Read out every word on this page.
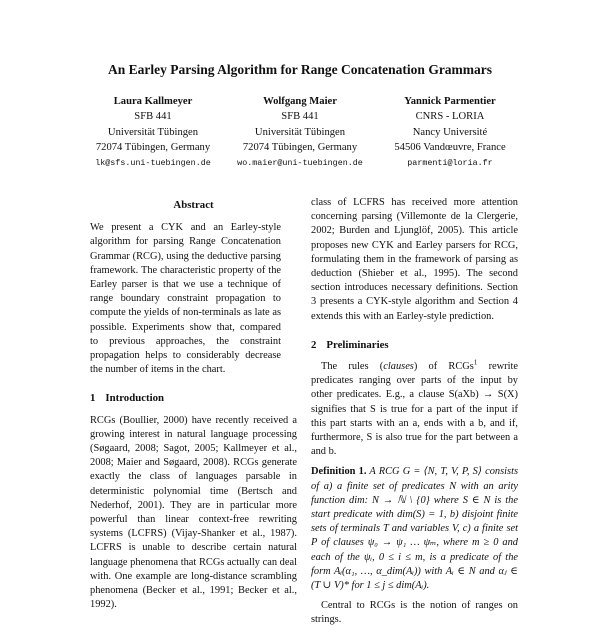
An Earley Parsing Algorithm for Range Concatenation Grammars
Laura Kallmeyer
SFB 441
Universität Tübingen
72074 Tübingen, Germany
lk@sfs.uni-tuebingen.de
Wolfgang Maier
SFB 441
Universität Tübingen
72074 Tübingen, Germany
wo.maier@uni-tuebingen.de
Yannick Parmentier
CNRS - LORIA
Nancy Université
54506 Vandœuvre, France
parmenti@loria.fr
Abstract
We present a CYK and an Earley-style algorithm for parsing Range Concatenation Grammar (RCG), using the deductive parsing framework. The characteristic property of the Earley parser is that we use a technique of range boundary constraint propagation to compute the yields of non-terminals as late as possible. Experiments show that, compared to previous approaches, the constraint propagation helps to considerably decrease the number of items in the chart.
1 Introduction

RCGs (Boullier, 2000) have recently received a growing interest in natural language processing (Søgaard, 2008; Sagot, 2005; Kallmeyer et al., 2008; Maier and Søgaard, 2008). RCGs generate exactly the class of languages parsable in deterministic polynomial time (Bertsch and Nederhof, 2001). They are in particular more powerful than linear context-free rewriting systems (LCFRS) (Vijay-Shanker et al., 1987). LCFRS is unable to describe certain natural language phenomena that RCGs actually can deal with. One example are long-distance scrambling phenomena (Becker et al., 1991; Becker et al., 1992).

class of LCFRS has received more attention concerning parsing (Villemonte de la Clergerie, 2002; Burden and Ljunglöf, 2005). This article proposes new CYK and Earley parsers for RCG, formulating them in the framework of parsing as deduction (Shieber et al., 1995). The second section introduces necessary definitions. Section 3 presents a CYK-style algorithm and Section 4 extends this with an Earley-style prediction.

2 Preliminaries

The rules (clauses) of RCGs$^1$ rewrite predicates ranging over parts of the input by other predicates. E.g., a clause S(aXb) → S(X) signifies that S is true for a part of the input if this part starts with an a, ends with a b, and if, furthermore, S is also true for the part between a and b.

Definition 1. A RCG G = ⟨N, T, V, P, S⟩ consists of a) a finite set of predicates N with an arity function dim: N → ℕ \ {0} where S ∈ N is the start predicate with dim(S) = 1, b) disjoint finite sets of terminals T and variables V, c) a finite set P of clauses ψ₀ → ψ₁ … ψₘ, where m ≥ 0 and each of the ψᵢ, 0 ≤ i ≤ m, is a predicate of the form Aᵢ(α₁, …, α_dim(Aᵢ)) with Aᵢ ∈ N and αⱼ ∈ (T ∪ V)* for 1 ≤ j ≤ dim(Aᵢ).

Central to RCGs is the notion of ranges on strings.
